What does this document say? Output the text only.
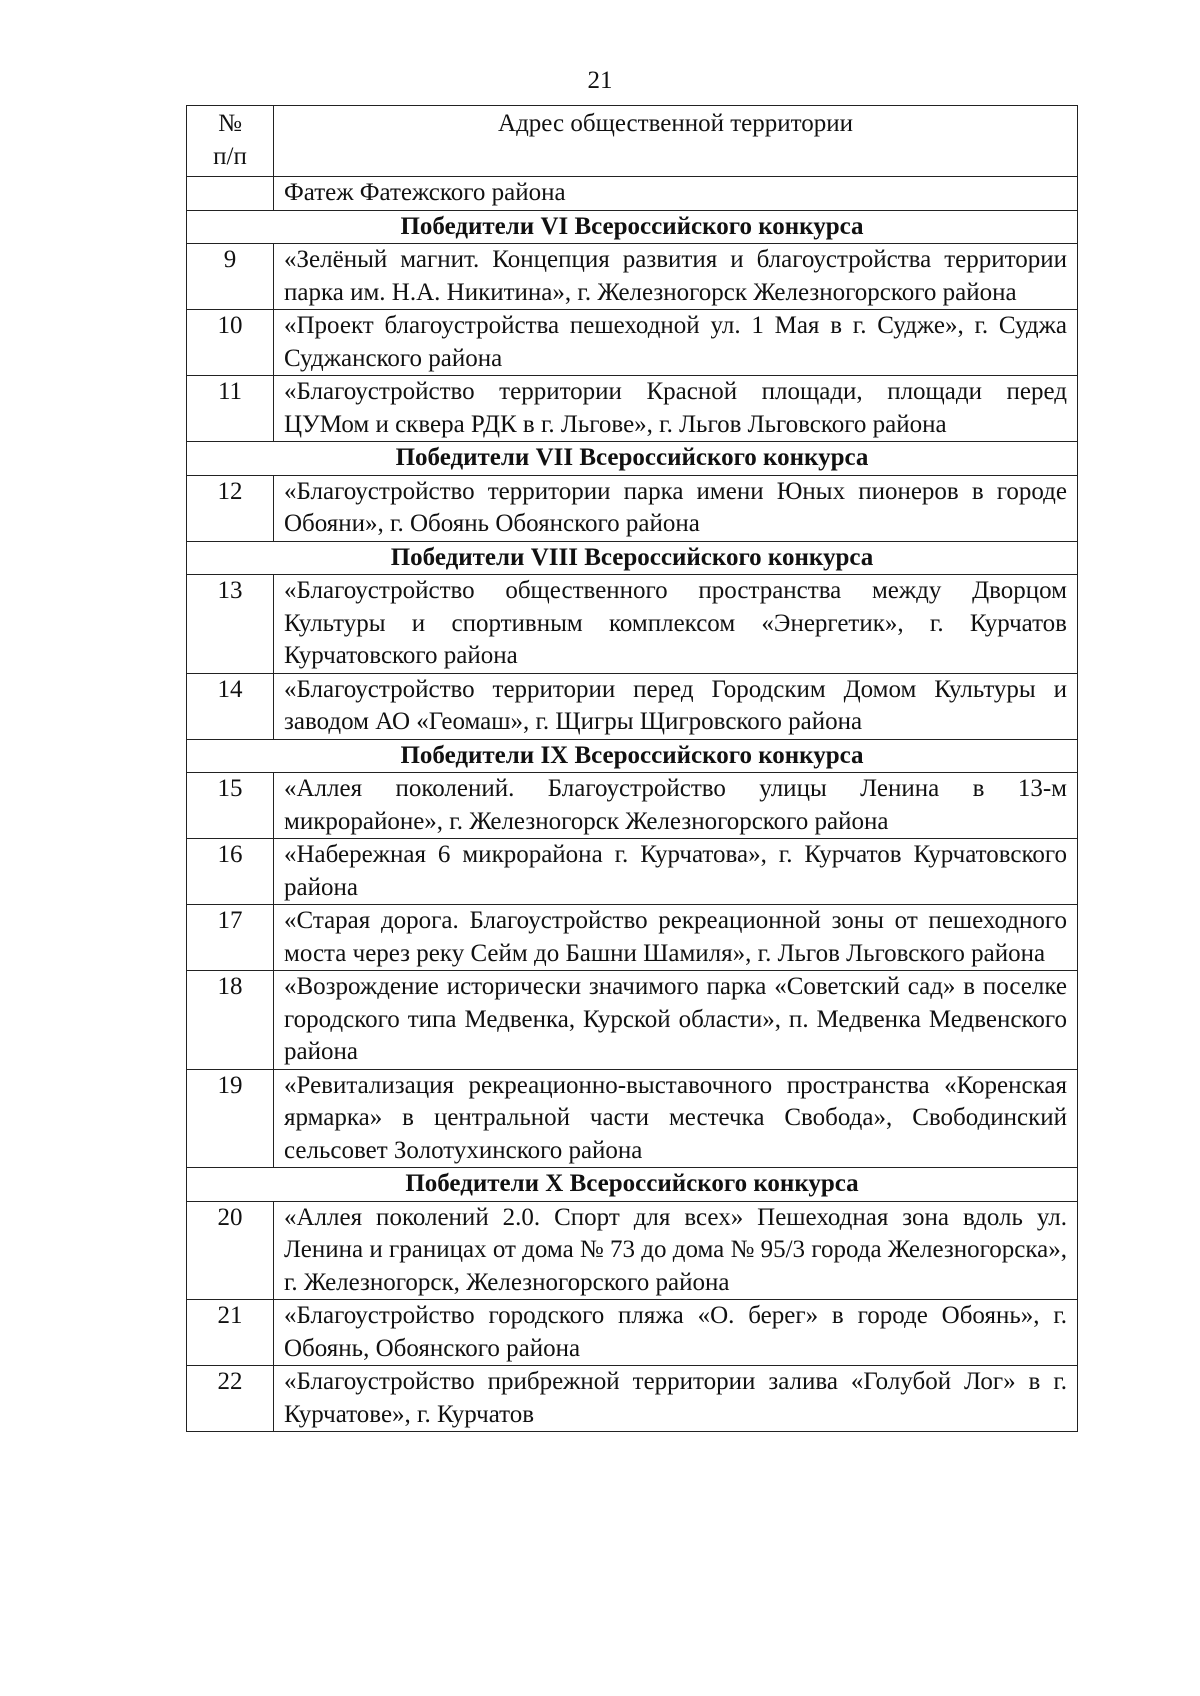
21
№
п/п	Адрес общественной территории
	Фатеж Фатежского района
Победители VI Всероссийского конкурса	
9	«Зелёный магнит. Концепция развития и благоустройства территории парка им. Н.А. Никитина», г. Железногорск Железногорского района
10	«Проект благоустройства пешеходной ул. 1 Мая в г. Судже», г. Суджа Суджанского района
11	«Благоустройство территории Красной площади, площади перед ЦУМом и сквера РДК в г. Льгове», г. Льгов Льговского района
Победители VII Всероссийского конкурса	
12	«Благоустройство территории парка имени Юных пионеров в городе Обояни», г. Обоянь Обоянского района
Победители VIII Всероссийского конкурса	
13	«Благоустройство общественного пространства между Дворцом Культуры и спортивным комплексом «Энергетик», г. Курчатов Курчатовского района
14	«Благоустройство территории перед Городским Домом Культуры и заводом АО «Геомаш», г. Щигры Щигровского района
Победители IX Всероссийского конкурса	
15	«Аллея поколений. Благоустройство улицы Ленина в 13-м микрорайоне», г. Железногорск Железногорского района
16	«Набережная 6 микрорайона г. Курчатова», г. Курчатов Курчатовского района
17	«Старая дорога. Благоустройство рекреационной зоны от пешеходного моста через реку Сейм до Башни Шамиля», г. Льгов Льговского района
18	«Возрождение исторически значимого парка «Советский сад» в поселке городского типа Медвенка, Курской области», п. Медвенка Медвенского района
19	«Ревитализация рекреационно-выставочного пространства «Коренская ярмарка» в центральной части местечка Свобода», Свободинский сельсовет Золотухинского района
Победители X Всероссийского конкурса	
20	«Аллея поколений 2.0. Спорт для всех» Пешеходная зона вдоль ул. Ленина и границах от дома № 73 до дома № 95/3 города Железногорска», г. Железногорск, Железногорского района
21	«Благоустройство городского пляжа «О. берег» в городе Обоянь», г. Обоянь, Обоянского района
22	«Благоустройство прибрежной территории залива «Голубой Лог» в г. Курчатове», г. Курчатов
